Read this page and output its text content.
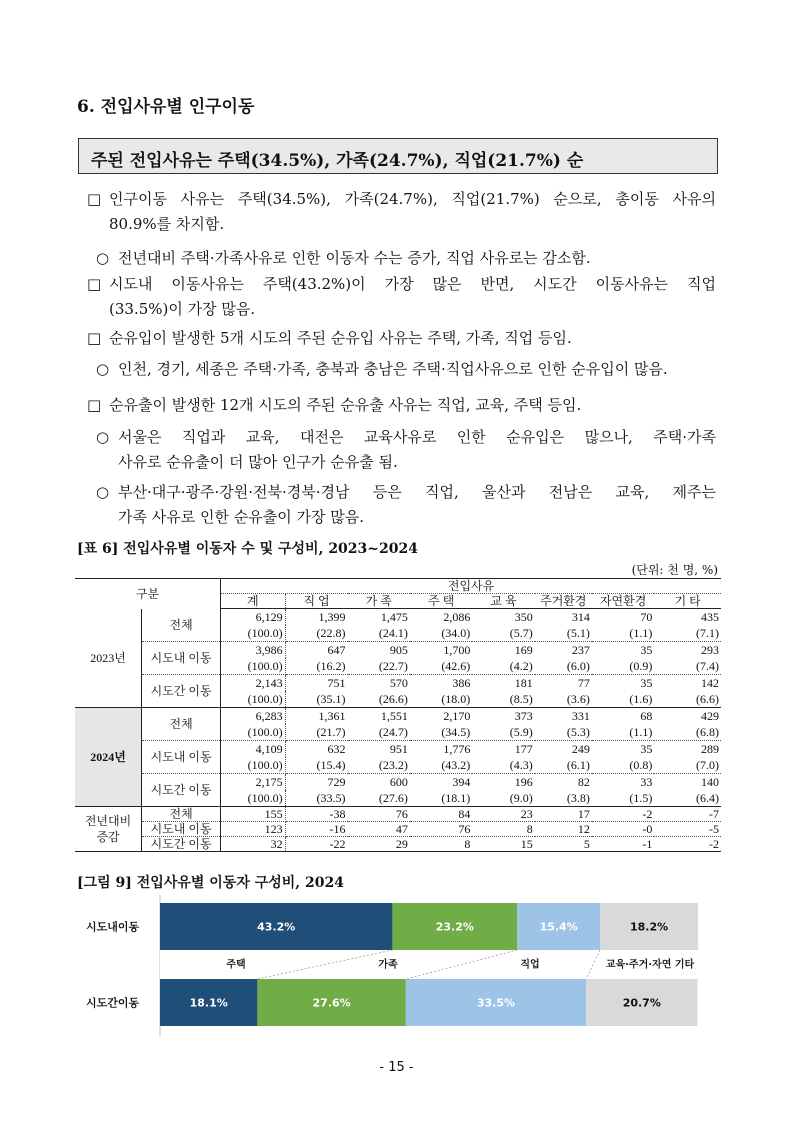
6. 전입사유별 인구이동
주된 전입사유는 주택(34.5%), 가족(24.7%), 직업(21.7%) 순
□ 인구이동 사유는 주택(34.5%), 가족(24.7%), 직업(21.7%) 순으로, 총이동 사유의
80.9%를 차지함.
○ 전년대비 주택·가족사유로 인한 이동자 수는 증가, 직업 사유로는 감소함.
□ 시도내 이동사유는 주택(43.2%)이 가장 많은 반면, 시도간 이동사유는 직업
(33.5%)이 가장 많음.
□ 순유입이 발생한 5개 시도의 주된 순유입 사유는 주택, 가족, 직업 등임.
○ 인천, 경기, 세종은 주택·가족, 충북과 충남은 주택·직업사유으로 인한 순유입이 많음.
□ 순유출이 발생한 12개 시도의 주된 순유출 사유는 직업, 교육, 주택 등임.
○ 서울은 직업과 교육, 대전은 교육사유로 인한 순유입은 많으나, 주택·가족
사유로 순유출이 더 많아 인구가 순유출 됨.
○ 부산·대구·광주·강원·전북·경북·경남 등은 직업, 울산과 전남은 교육, 제주는
가족 사유로 인한 순유출이 가장 많음.
[표 6] 전입사유별 이동자 수 및 구성비, 2023~2024
(단위: 천 명, %)
구분		전입사유							
		계	직 업	가 족	주 택	교 육	주거환경	자연환경	기 타
2023년	전체	6,129	1,399	1,475	2,086	350	314	70	435
		(100.0)	(22.8)	(24.1)	(34.0)	(5.7)	(5.1)	(1.1)	(7.1)
	시도내 이동	3,986	647	905	1,700	169	237	35	293
		(100.0)	(16.2)	(22.7)	(42.6)	(4.2)	(6.0)	(0.9)	(7.4)
	시도간 이동	2,143	751	570	386	181	77	35	142
		(100.0)	(35.1)	(26.6)	(18.0)	(8.5)	(3.6)	(1.6)	(6.6)
2024년	전체	6,283	1,361	1,551	2,170	373	331	68	429
		(100.0)	(21.7)	(24.7)	(34.5)	(5.9)	(5.3)	(1.1)	(6.8)
	시도내 이동	4,109	632	951	1,776	177	249	35	289
		(100.0)	(15.4)	(23.2)	(43.2)	(4.3)	(6.1)	(0.8)	(7.0)
	시도간 이동	2,175	729	600	394	196	82	33	140
		(100.0)	(33.5)	(27.6)	(18.1)	(9.0)	(3.8)	(1.5)	(6.4)

전년대비
증감	전체	155	-38	76	84	23	17	-2	-7
	시도내 이동	123	-16	47	76	8	12	-0	-5
	시도간 이동	32	-22	29	8	15	5	-1	-2
[그림 9] 전입사유별 이동자 구성비, 2024
시도내이동	43.2%	23.2%	15.4%	18.2%
시도간이동	18.1%	27.6%	33.5%	20.7%
주택	가족	직업	교육·주거·자연 기타
- 15 -
